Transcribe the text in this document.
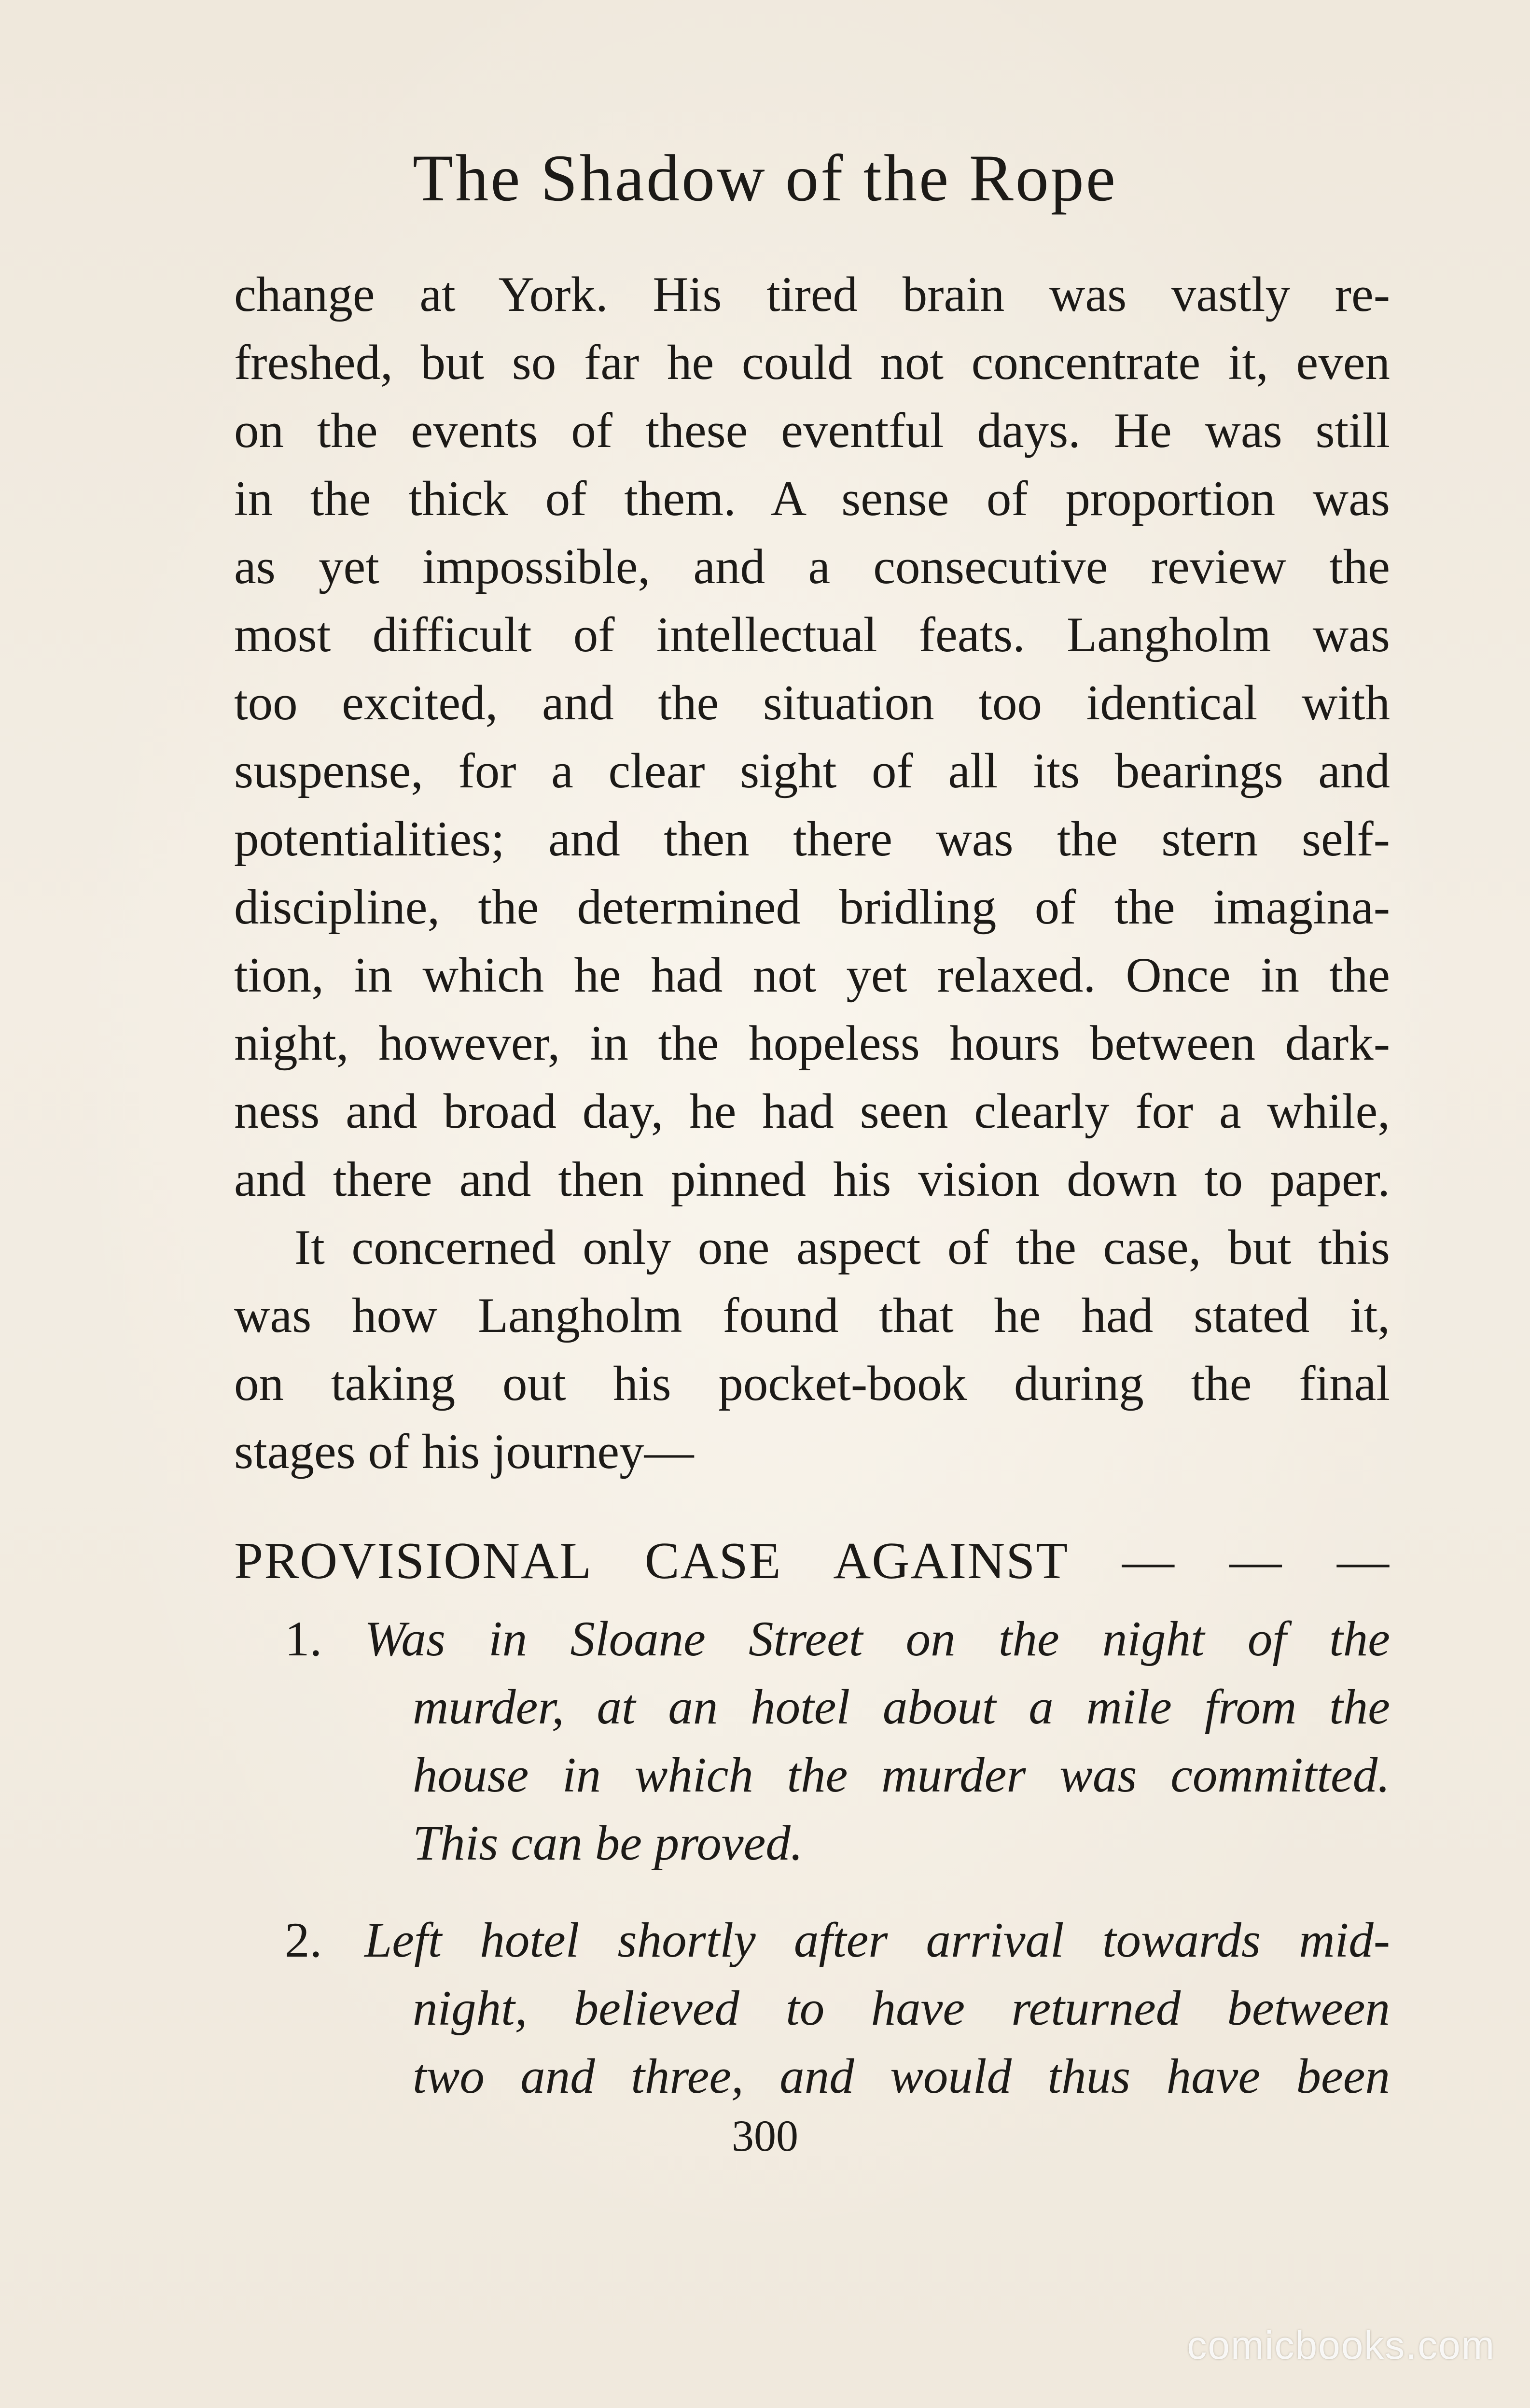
The Shadow of the Rope
change at York. His tired brain was vastly re-
freshed, but so far he could not concentrate it, even
on the events of these eventful days. He was still
in the thick of them. A sense of proportion was
as yet impossible, and a consecutive review the
most difficult of intellectual feats. Langholm was
too excited, and the situation too identical with
suspense, for a clear sight of all its bearings and
potentialities; and then there was the stern self-
discipline, the determined bridling of the imagina-
tion, in which he had not yet relaxed. Once in the
night, however, in the hopeless hours between dark-
ness and broad day, he had seen clearly for a while,
and there and then pinned his vision down to paper.
It concerned only one aspect of the case, but this
was how Langholm found that he had stated it,
on taking out his pocket-book during the final
stages of his journey—
PROVISIONAL CASE AGAINST — — —
1. Was in Sloane Street on the night of the
murder, at an hotel about a mile from the
house in which the murder was committed.
This can be proved.
2. Left hotel shortly after arrival towards mid-
night, believed to have returned between
two and three, and would thus have been
300
comicbooks.com
